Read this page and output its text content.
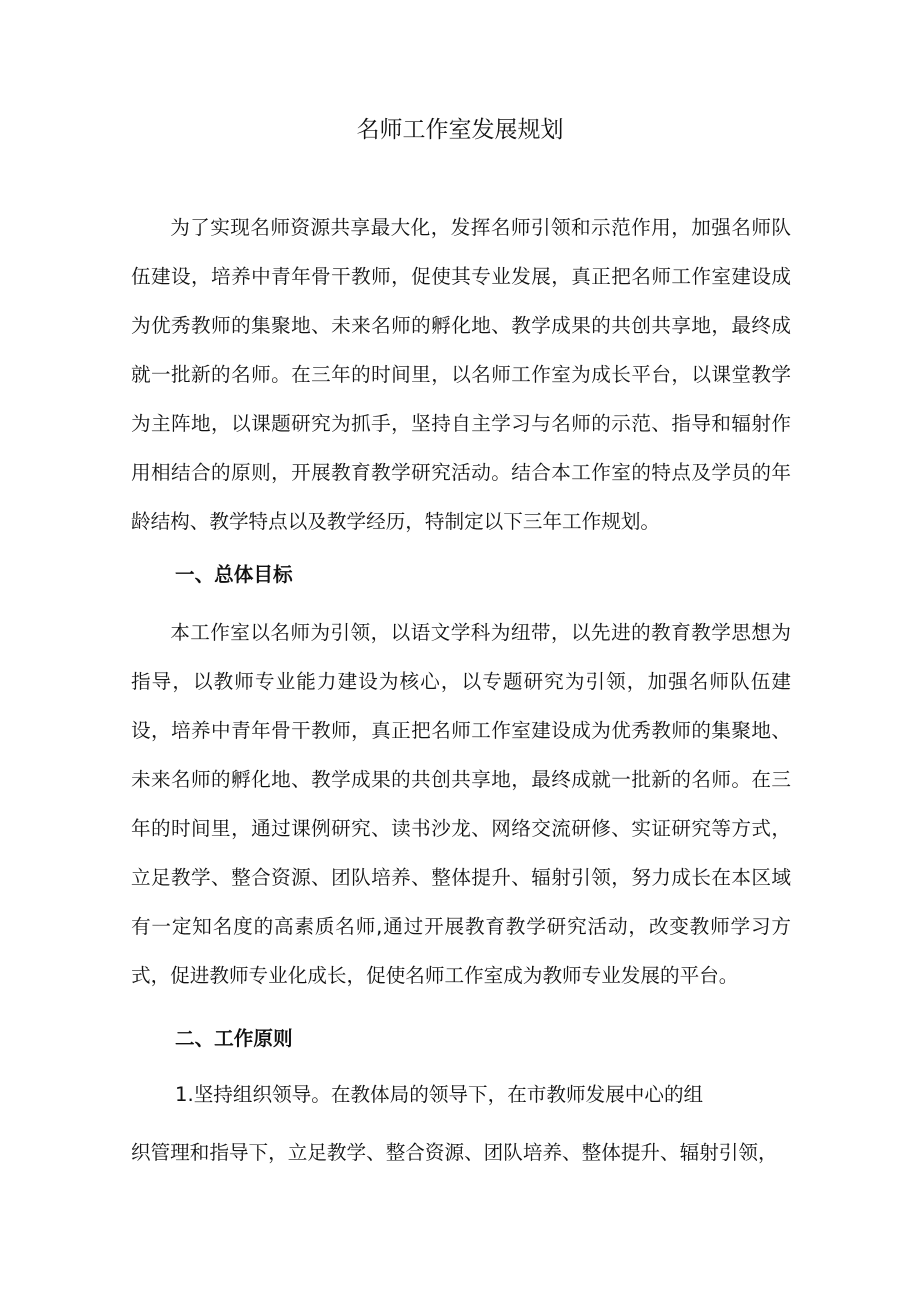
名师工作室发展规划

为了实现名师资源共享最大化，发挥名师引领和示范作用，加强名师队伍建设，培养中青年骨干教师，促使其专业发展，真正把名师工作室建设成为优秀教师的集聚地、未来名师的孵化地、教学成果的共创共享地，最终成就一批新的名师。在三年的时间里，以名师工作室为成长平台，以课堂教学为主阵地，以课题研究为抓手，坚持自主学习与名师的示范、指导和辐射作用相结合的原则，开展教育教学研究活动。结合本工作室的特点及学员的年龄结构、教学特点以及教学经历，特制定以下三年工作规划。

一、总体目标

本工作室以名师为引领，以语文学科为纽带，以先进的教育教学思想为指导，以教师专业能力建设为核心，以专题研究为引领，加强名师队伍建设，培养中青年骨干教师，真正把名师工作室建设成为优秀教师的集聚地、未来名师的孵化地、教学成果的共创共享地，最终成就一批新的名师。在三年的时间里，通过课例研究、读书沙龙、网络交流研修、实证研究等方式，立足教学、整合资源、团队培养、整体提升、辐射引领，努力成长在本区域有一定知名度的高素质名师,通过开展教育教学研究活动，改变教师学习方式，促进教师专业化成长，促使名师工作室成为教师专业发展的平台。

二、工作原则

1.坚持组织领导。在教体局的领导下，在市教师发展中心的组

织管理和指导下，立足教学、整合资源、团队培养、整体提升、辐射引领，
